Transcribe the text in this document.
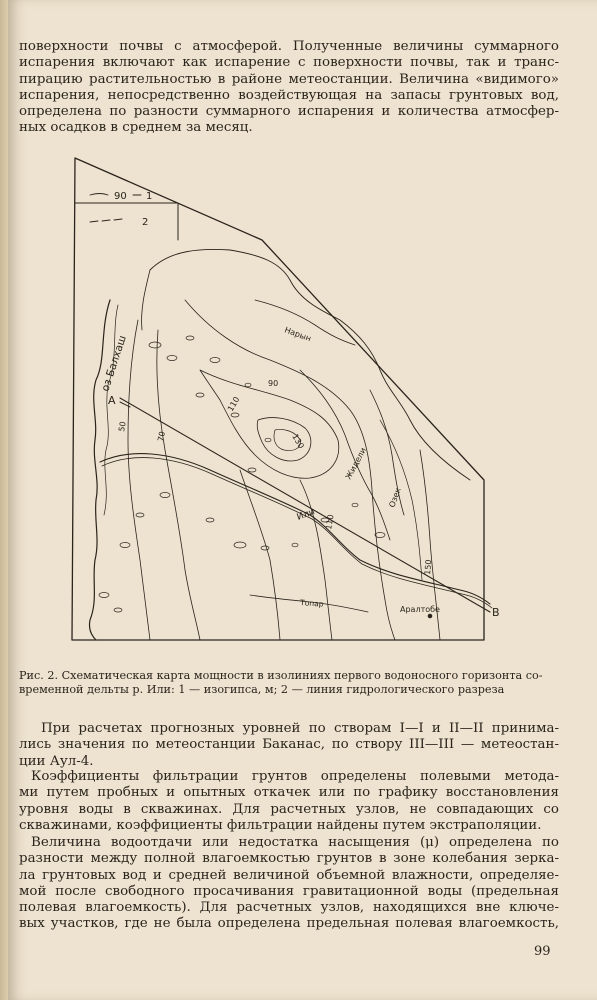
поверхности почвы с атмосферой. Полученные величины суммарного
испарения включают как испарение с поверхности почвы, так и транс-
пирацию растительностью в районе метеостанции. Величина «видимого»
испарения, непосредственно воздействующая на запасы грунтовых вод,
определена по разности суммарного испарения и количества атмосфер-
ных осадков в среднем за месяц.
90 1
2
оз Балхаш
A
B
Нарын
Или
Жидели
Озек
Топар
Аралтобе
50
70
90
110
130
110
150
Рис. 2. Схематическая карта мощности в изолиниях первого водоносного горизонта со-
временной дельты р. Или: 1 — изогипса, м; 2 — линия гидрологического разреза
При расчетах прогнозных уровней по створам I—I и II—II принима-
лись значения по метеостанции Баканас, по створу III—III — метеостан-
ции Аул-4.
Коэффициенты фильтрации грунтов определены полевыми метода-
ми путем пробных и опытных откачек или по графику восстановления
уровня воды в скважинах. Для расчетных узлов, не совпадающих со
скважинами, коэффициенты фильтрации найдены путем экстраполяции.
Величина водоотдачи или недостатка насыщения (μ) определена по
разности между полной влагоемкостью грунтов в зоне колебания зерка-
ла грунтовых вод и средней величиной объемной влажности, определяе-
мой после свободного просачивания гравитационной воды (предельная
полевая влагоемкость). Для расчетных узлов, находящихся вне ключе-
вых участков, где не была определена предельная полевая влагоемкость,
99
